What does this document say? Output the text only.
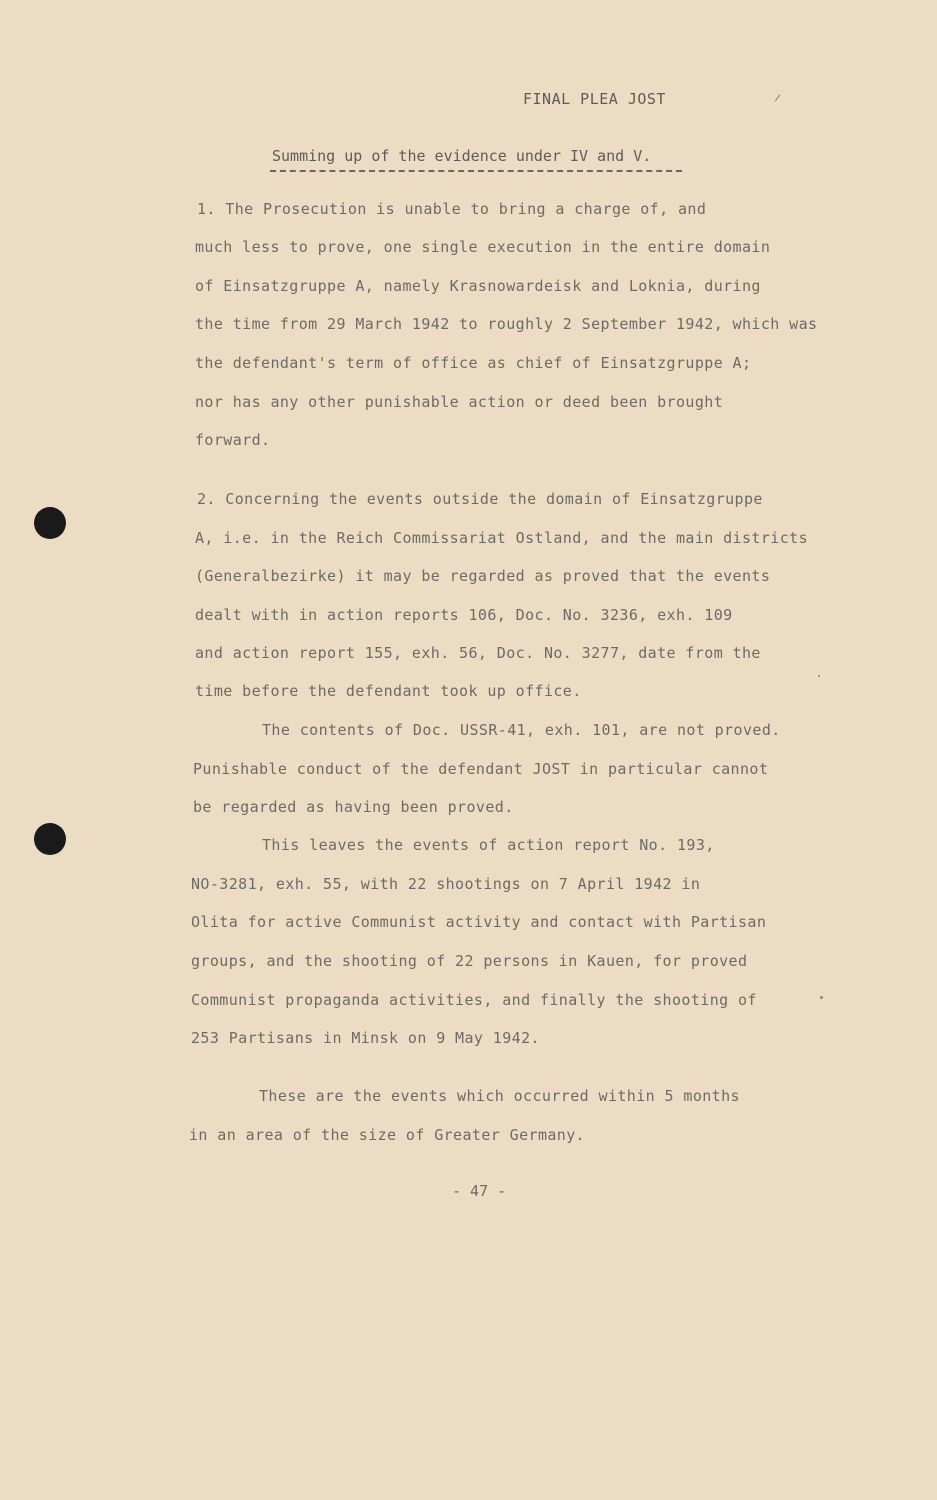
FINAL PLEA JOST
Summing up of the evidence under IV and V.
1. The Prosecution is unable to bring a charge of, and
much less to prove, one single execution in the entire domain
of Einsatzgruppe A, namely Krasnowardeisk and Loknia, during
the time from 29 March 1942 to roughly 2 September 1942, which was
the defendant's term of office as chief of Einsatzgruppe A;
nor has any other punishable action or deed been brought
forward.
2. Concerning the events outside the domain of Einsatzgruppe
A, i.e. in the Reich Commissariat Ostland, and the main districts
(Generalbezirke) it may be regarded as proved that the events
dealt with in action reports 106, Doc. No. 3236, exh. 109
and action report 155, exh. 56, Doc. No. 3277, date from the
time before the defendant took up office.
The contents of Doc. USSR-41, exh. 101, are not proved.
Punishable conduct of the defendant JOST in particular cannot
be regarded as having been proved.
This leaves the events of action report No. 193,
NO-3281, exh. 55, with 22 shootings on 7 April 1942 in
Olita for active Communist activity and contact with Partisan
groups, and the shooting of 22 persons in Kauen, for proved
Communist propaganda activities, and finally the shooting of
253 Partisans in Minsk on 9 May 1942.
These are the events which occurred within 5 months
in an area of the size of Greater Germany.
- 47 -
